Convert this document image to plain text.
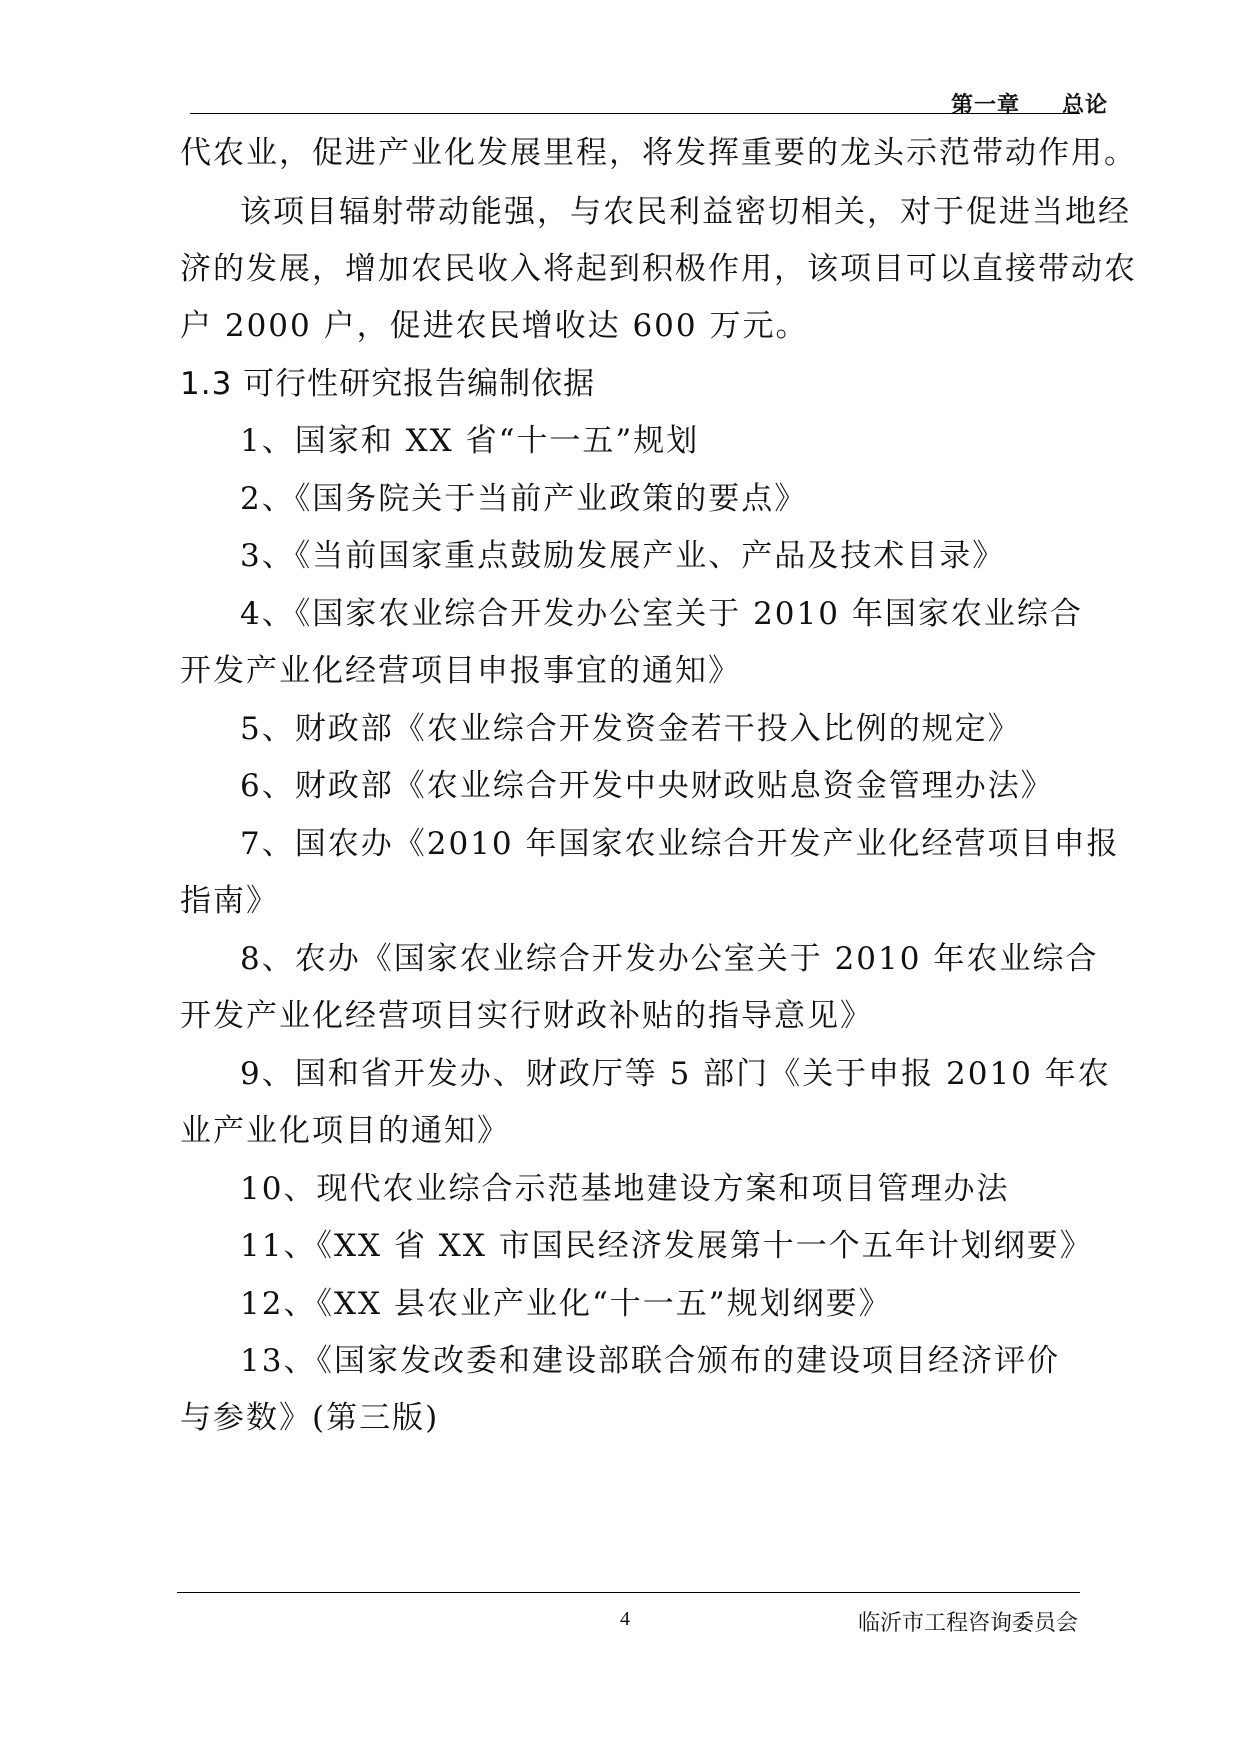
第一章 总论
代农业，促进产业化发展里程，将发挥重要的龙头示范带动作用。
该项目辐射带动能强，与农民利益密切相关，对于促进当地经
济的发展，增加农民收入将起到积极作用，该项目可以直接带动农
户 2000 户，促进农民增收达 600 万元。
1.3 可行性研究报告编制依据
1、国家和 XX 省“十一五”规划
2、《国务院关于当前产业政策的要点》
3、《当前国家重点鼓励发展产业、产品及技术目录》
4、《国家农业综合开发办公室关于 2010 年国家农业综合
开发产业化经营项目申报事宜的通知》
5、财政部《农业综合开发资金若干投入比例的规定》
6、财政部《农业综合开发中央财政贴息资金管理办法》
7、国农办《2010 年国家农业综合开发产业化经营项目申报
指南》
8、农办《国家农业综合开发办公室关于 2010 年农业综合
开发产业化经营项目实行财政补贴的指导意见》
9、国和省开发办、财政厅等 5 部门《关于申报 2010 年农
业产业化项目的通知》
10、现代农业综合示范基地建设方案和项目管理办法
11、《XX 省 XX 市国民经济发展第十一个五年计划纲要》
12、《XX 县农业产业化“十一五”规划纲要》
13、《国家发改委和建设部联合颁布的建设项目经济评价
与参数》(第三版)
4	临沂市工程咨询委员会
